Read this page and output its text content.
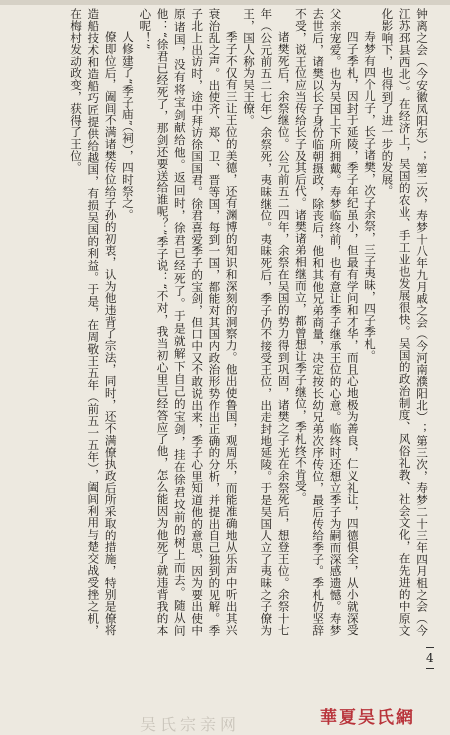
钟离之会（今安徽凤阳东）；第二次，寿梦十八年九月戚之会（今河南濮阳北）；第三次，寿梦二十三年四月柤之会（今江苏邳县西北）。在经济上，吴国的农业、手工业也发展很快。吴国的政治制度、风俗礼教、社会文化，在先进的中原文化影响下，也得到了进一步的发展。

寿梦有四个儿子，长子诸樊，次子余祭，三子夷昧，四子季札。

四子季札，因封于延陵，季子年纪虽小，但最有学问和才华，而且心地极为善良，仁义礼让，四德俱全，从小就深受父亲宠爱。也为吴国上下所拥戴。寿梦临终前，也有意让季子继承王位的心意。临终时还想立季子为嗣而深感遗憾。寿梦去世后，诸樊以长子身份临朝摄政，除丧后，他和其他兄弟商量，决定按长幼兄弟次序传位，最后传给季子。季札仍坚辞不受，说王位应当传给长子及其后代。诸樊诸弟相继而立，都曾想让季子继位，季札终不肯受。

诸樊死后，余祭继位。公元前五二四年，余祭在吴国的势力得到巩固，诸樊之子光在余祭死后，想登王位。余祭十七年（公元前五二七年）余祭死，夷昧继位。夷昧死后，季子仍不接受王位，出走封地延陵。于是吴国人立了夷昧之子僚为王，国人称为吴王僚。

季子不仅有三让王位的美德，还有渊博的知识和深刻的洞察力。他出使鲁国，观周乐，而能准确地从乐声中听出其兴衰治乱之声。出使齐、郑、卫、晋等国，每到一国，都能对其国内政治形势作出正确的分析，并提出自己独到的见解。季子北上出访时，途中拜访徐国国君。徐君喜爱季子的宝剑，但口中又不敢说出来，季子心里知道他的意思，因为要出使中原诸国，没有将宝剑献给他。返回时，徐君已经死了。于是就解下自己的宝剑，挂在徐君坟前的树上而去。随从问他：“徐君已经死了，那剑还要送给谁呢？”季子说：“不对，我当初心里已经答应了他，怎么能因为他死了就违背我的本心呢！”

人修建了“季子庙”（祠），四时祭之。

僚即位后，阖闾不满诸樊传位给子孙的初衷，认为他违背了宗法，同时，还不满僚执政后所采取的措施，特别是僚将造船技术和造船巧匠提供给越国，有损吴国的利益。于是，在周敬王五年（前五一五年），阖闾利用与楚交战受挫之机，在梅村发动政变，获得了王位。

4
吴氏宗亲网	華夏吴氏網
